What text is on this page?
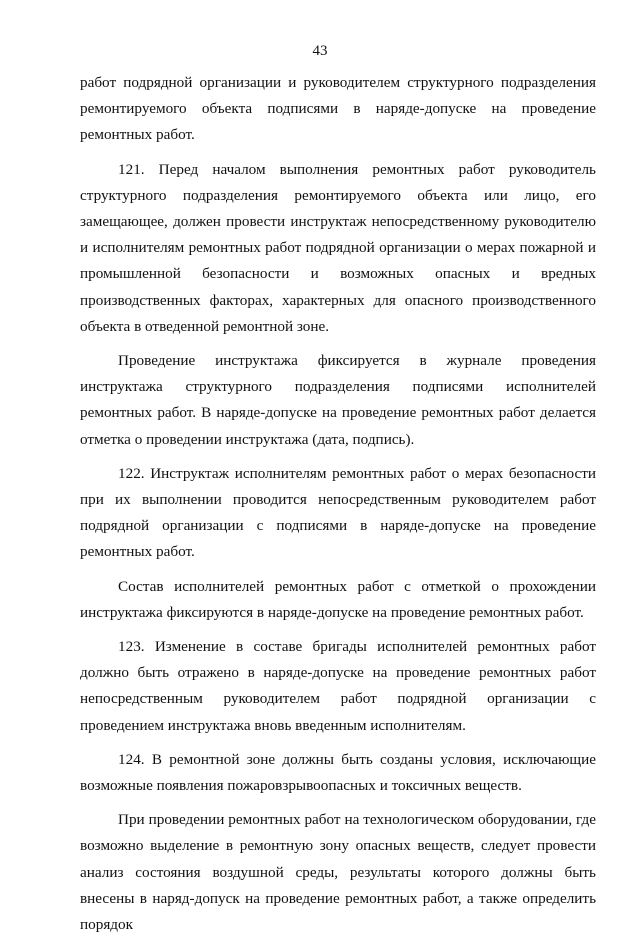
43

работ подрядной организации и руководителем структурного подразделения ремонтируемого объекта подписями в наряде-допуске на проведение ремонтных работ.

121. Перед началом выполнения ремонтных работ руководитель структурного подразделения ремонтируемого объекта или лицо, его замещающее, должен провести инструктаж непосредственному руководителю и исполнителям ремонтных работ подрядной организации о мерах пожарной и промышленной безопасности и возможных опасных и вредных производственных факторах, характерных для опасного производственного объекта в отведенной ремонтной зоне.

Проведение инструктажа фиксируется в журнале проведения инструктажа структурного подразделения подписями исполнителей ремонтных работ. В наряде-допуске на проведение ремонтных работ делается отметка о проведении инструктажа (дата, подпись).

122. Инструктаж исполнителям ремонтных работ о мерах безопасности при их выполнении проводится непосредственным руководителем работ подрядной организации с подписями в наряде-допуске на проведение ремонтных работ.

Состав исполнителей ремонтных работ с отметкой о прохождении инструктажа фиксируются в наряде-допуске на проведение ремонтных работ.

123. Изменение в составе бригады исполнителей ремонтных работ должно быть отражено в наряде-допуске на проведение ремонтных работ непосредственным руководителем работ подрядной организации с проведением инструктажа вновь введенным исполнителям.

124. В ремонтной зоне должны быть созданы условия, исключающие возможные появления пожаровзрывоопасных и токсичных веществ.

При проведении ремонтных работ на технологическом оборудовании, где возможно выделение в ремонтную зону опасных веществ, следует провести анализ состояния воздушной среды, результаты которого должны быть внесены в наряд-допуск на проведение ремонтных работ, а также определить порядок
